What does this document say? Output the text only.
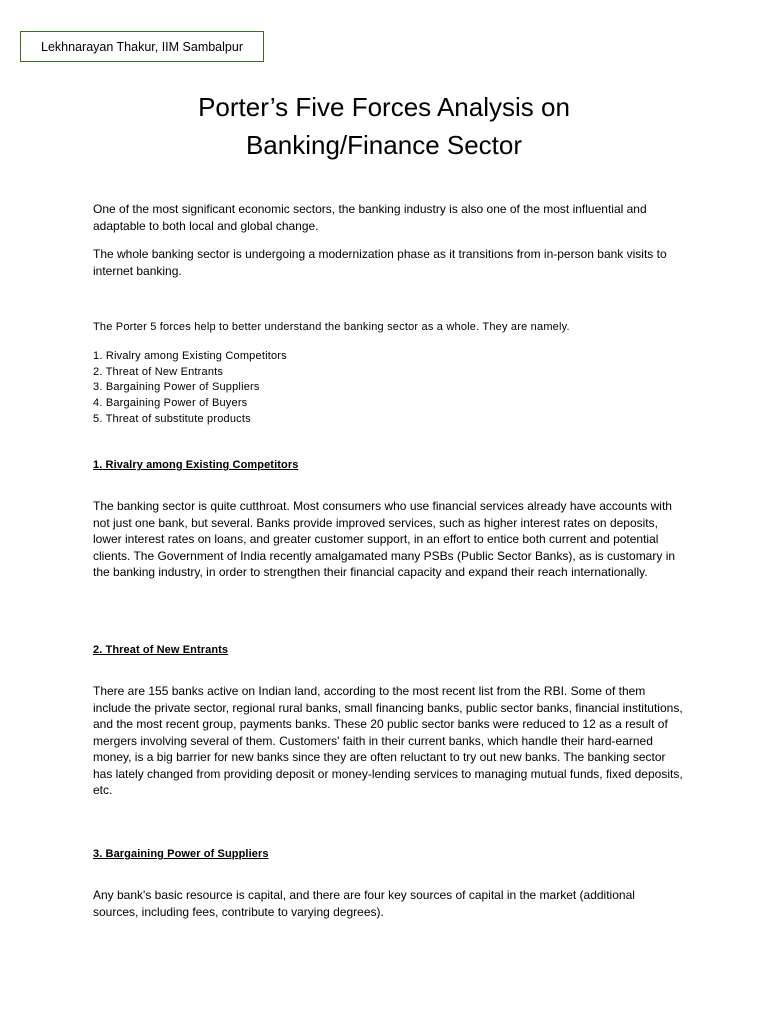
Lekhnarayan Thakur, IIM Sambalpur
Porter’s Five Forces Analysis on
Banking/Finance Sector

One of the most significant economic sectors, the banking industry is also one of the most influential and adaptable to both local and global change.

The whole banking sector is undergoing a modernization phase as it transitions from in-person bank visits to internet banking.

The Porter 5 forces help to better understand the banking sector as a whole. They are namely.

1. Rivalry among Existing Competitors
2. Threat of New Entrants
3. Bargaining Power of Suppliers
4. Bargaining Power of Buyers
5. Threat of substitute products
1. Rivalry among Existing Competitors

The banking sector is quite cutthroat. Most consumers who use financial services already have accounts with not just one bank, but several. Banks provide improved services, such as higher interest rates on deposits, lower interest rates on loans, and greater customer support, in an effort to entice both current and potential clients. The Government of India recently amalgamated many PSBs (Public Sector Banks), as is customary in the banking industry, in order to strengthen their financial capacity and expand their reach internationally.

2. Threat of New Entrants

There are 155 banks active on Indian land, according to the most recent list from the RBI. Some of them include the private sector, regional rural banks, small financing banks, public sector banks, financial institutions, and the most recent group, payments banks. These 20 public sector banks were reduced to 12 as a result of mergers involving several of them. Customers' faith in their current banks, which handle their hard-earned money, is a big barrier for new banks since they are often reluctant to try out new banks. The banking sector has lately changed from providing deposit or money-lending services to managing mutual funds, fixed deposits, etc.

3. Bargaining Power of Suppliers

Any bank's basic resource is capital, and there are four key sources of capital in the market (additional sources, including fees, contribute to varying degrees).
